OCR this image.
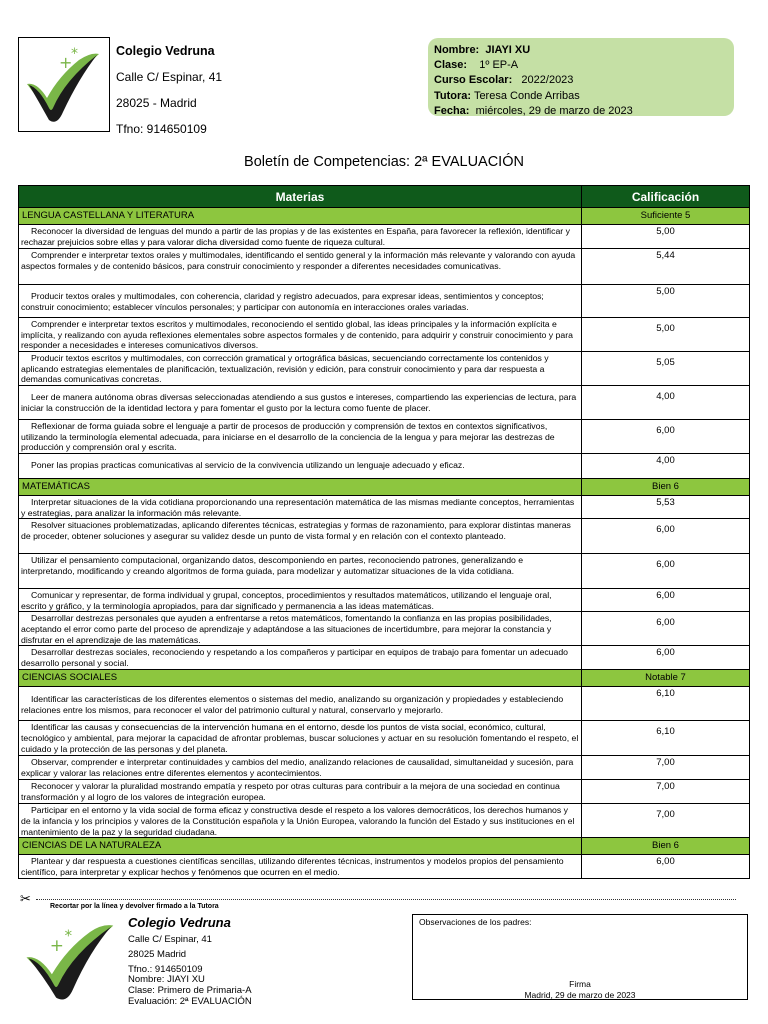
+
*	Colegio Vedruna
Calle C/ Espinar, 41
28025 - Madrid
Tfno: 914650109
Nombre: JIAYI XU
Clase: 1º EP-A
Curso Escolar: 2022/2023
Tutora: Teresa Conde Arribas
Fecha: miércoles, 29 de marzo de 2023
Boletín de Competencias: 2ª EVALUACIÓN
Materias	Calificación
LENGUA CASTELLANA Y LITERATURA	Suficiente 5
Reconocer la diversidad de lenguas del mundo a partir de las propias y de las existentes en España, para favorecer la reflexión, identificar y rechazar prejuicios sobre ellas y para valorar dicha diversidad como fuente de riqueza cultural.	5,00
Comprender e interpretar textos orales y multimodales, identificando el sentido general y la información más relevante y valorando con ayuda aspectos formales y de contenido básicos, para construir conocimiento y responder a diferentes necesidades comunicativas.	5,44
Producir textos orales y multimodales, con coherencia, claridad y registro adecuados, para expresar ideas, sentimientos y conceptos; construir conocimiento; establecer vínculos personales; y participar con autonomía en interacciones orales variadas.	5,00
Comprender e interpretar textos escritos y multimodales, reconociendo el sentido global, las ideas principales y la información explícita e implícita, y realizando con ayuda reflexiones elementales sobre aspectos formales y de contenido, para adquirir y construir conocimiento y para responder a necesidades e intereses comunicativos diversos.	5,00
Producir textos escritos y multimodales, con corrección gramatical y ortográfica básicas, secuenciando correctamente los contenidos y aplicando estrategias elementales de planificación, textualización, revisión y edición, para construir conocimiento y para dar respuesta a demandas comunicativas concretas.	5,05
Leer de manera autónoma obras diversas seleccionadas atendiendo a sus gustos e intereses, compartiendo las experiencias de lectura, para iniciar la construcción de la identidad lectora y para fomentar el gusto por la lectura como fuente de placer.	4,00
Reflexionar de forma guiada sobre el lenguaje a partir de procesos de producción y comprensión de textos en contextos significativos, utilizando la terminología elemental adecuada, para iniciarse en el desarrollo de la conciencia de la lengua y para mejorar las destrezas de producción y comprensión oral y escrita.	6,00
Poner las propias practicas comunicativas al servicio de la convivencia utilizando un lenguaje adecuado y eficaz.	4,00
MATEMÁTICAS	Bien 6
Interpretar situaciones de la vida cotidiana proporcionando una representación matemática de las mismas mediante conceptos, herramientas y estrategias, para analizar la información más relevante.	5,53
Resolver situaciones problematizadas, aplicando diferentes técnicas, estrategias y formas de razonamiento, para explorar distintas maneras de proceder, obtener soluciones y asegurar su validez desde un punto de vista formal y en relación con el contexto planteado.	6,00
Utilizar el pensamiento computacional, organizando datos, descomponiendo en partes, reconociendo patrones, generalizando e interpretando, modificando y creando algoritmos de forma guiada, para modelizar y automatizar situaciones de la vida cotidiana.	6,00
Comunicar y representar, de forma individual y grupal, conceptos, procedimientos y resultados matemáticos, utilizando el lenguaje oral, escrito y gráfico, y la terminología apropiados, para dar significado y permanencia a las ideas matemáticas.	6,00
Desarrollar destrezas personales que ayuden a enfrentarse a retos matemáticos, fomentando la confianza en las propias posibilidades, aceptando el error como parte del proceso de aprendizaje y adaptándose a las situaciones de incertidumbre, para mejorar la constancia y disfrutar en el aprendizaje de las matemáticas.	6,00
Desarrollar destrezas sociales, reconociendo y respetando a los compañeros y participar en equipos de trabajo para fomentar un adecuado desarrollo personal y social.	6,00
CIENCIAS SOCIALES	Notable 7
Identificar las características de los diferentes elementos o sistemas del medio, analizando su organización y propiedades y estableciendo relaciones entre los mismos, para reconocer el valor del patrimonio cultural y natural, conservarlo y mejorarlo.	6,10
Identificar las causas y consecuencias de la intervención humana en el entorno, desde los puntos de vista social, económico, cultural, tecnológico y ambiental, para mejorar la capacidad de afrontar problemas, buscar soluciones y actuar en su resolución fomentando el respeto, el cuidado y la protección de las personas y del planeta.	6,10
Observar, comprender e interpretar continuidades y cambios del medio, analizando relaciones de causalidad, simultaneidad y sucesión, para explicar y valorar las relaciones entre diferentes elementos y acontecimientos.	7,00
Reconocer y valorar la pluralidad mostrando empatía y respeto por otras culturas para contribuir a la mejora de una sociedad en continua transformación y al logro de los valores de integración europea.	7,00
Participar en el entorno y la vida social de forma eficaz y constructiva desde el respeto a los valores democráticos, los derechos humanos y de la infancia y los principios y valores de la Constitución española y la Unión Europea, valorando la función del Estado y sus instituciones en el mantenimiento de la paz y la seguridad ciudadana.	7,00
CIENCIAS DE LA NATURALEZA	Bien 6
Plantear y dar respuesta a cuestiones científicas sencillas, utilizando diferentes técnicas, instrumentos y modelos propios del pensamiento científico, para interpretar y explicar hechos y fenómenos que ocurren en el medio.	6,00
✂
Recortar por la línea y devolver firmado a la Tutora
+ *
Colegio Vedruna
Calle C/ Espinar, 41
28025 Madrid
Tfno.: 914650109
Nombre: JIAYI XU
Clase: Primero de Primaria-A
Evaluación: 2ª EVALUACIÓN
Observaciones de los padres:
Firma
Madrid, 29 de marzo de 2023
